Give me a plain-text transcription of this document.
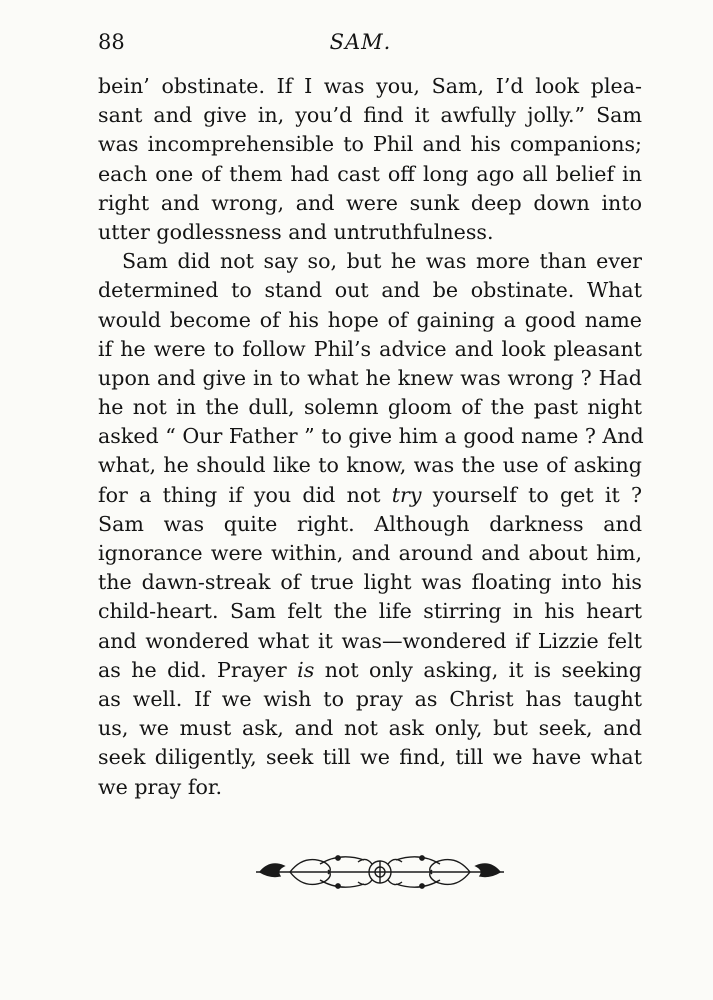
88	SAM.
bein’ obstinate. If I was you, Sam, I’d look plea-
sant and give in, you’d find it awfully jolly.” Sam
was incomprehensible to Phil and his companions;
each one of them had cast off long ago all belief in
right and wrong, and were sunk deep down into
utter godlessness and untruthfulness.
Sam did not say so, but he was more than ever
determined to stand out and be obstinate. What
would become of his hope of gaining a good name
if he were to follow Phil’s advice and look pleasant
upon and give in to what he knew was wrong ? Had
he not in the dull, solemn gloom of the past night
asked “ Our Father ” to give him a good name ? And
what, he should like to know, was the use of asking
for a thing if you did not try yourself to get it ?
Sam was quite right. Although darkness and
ignorance were within, and around and about him,
the dawn-streak of true light was floating into his
child-heart. Sam felt the life stirring in his heart
and wondered what it was—wondered if Lizzie felt
as he did. Prayer is not only asking, it is seeking
as well. If we wish to pray as Christ has taught
us, we must ask, and not ask only, but seek, and
seek diligently, seek till we find, till we have what
we pray for.
